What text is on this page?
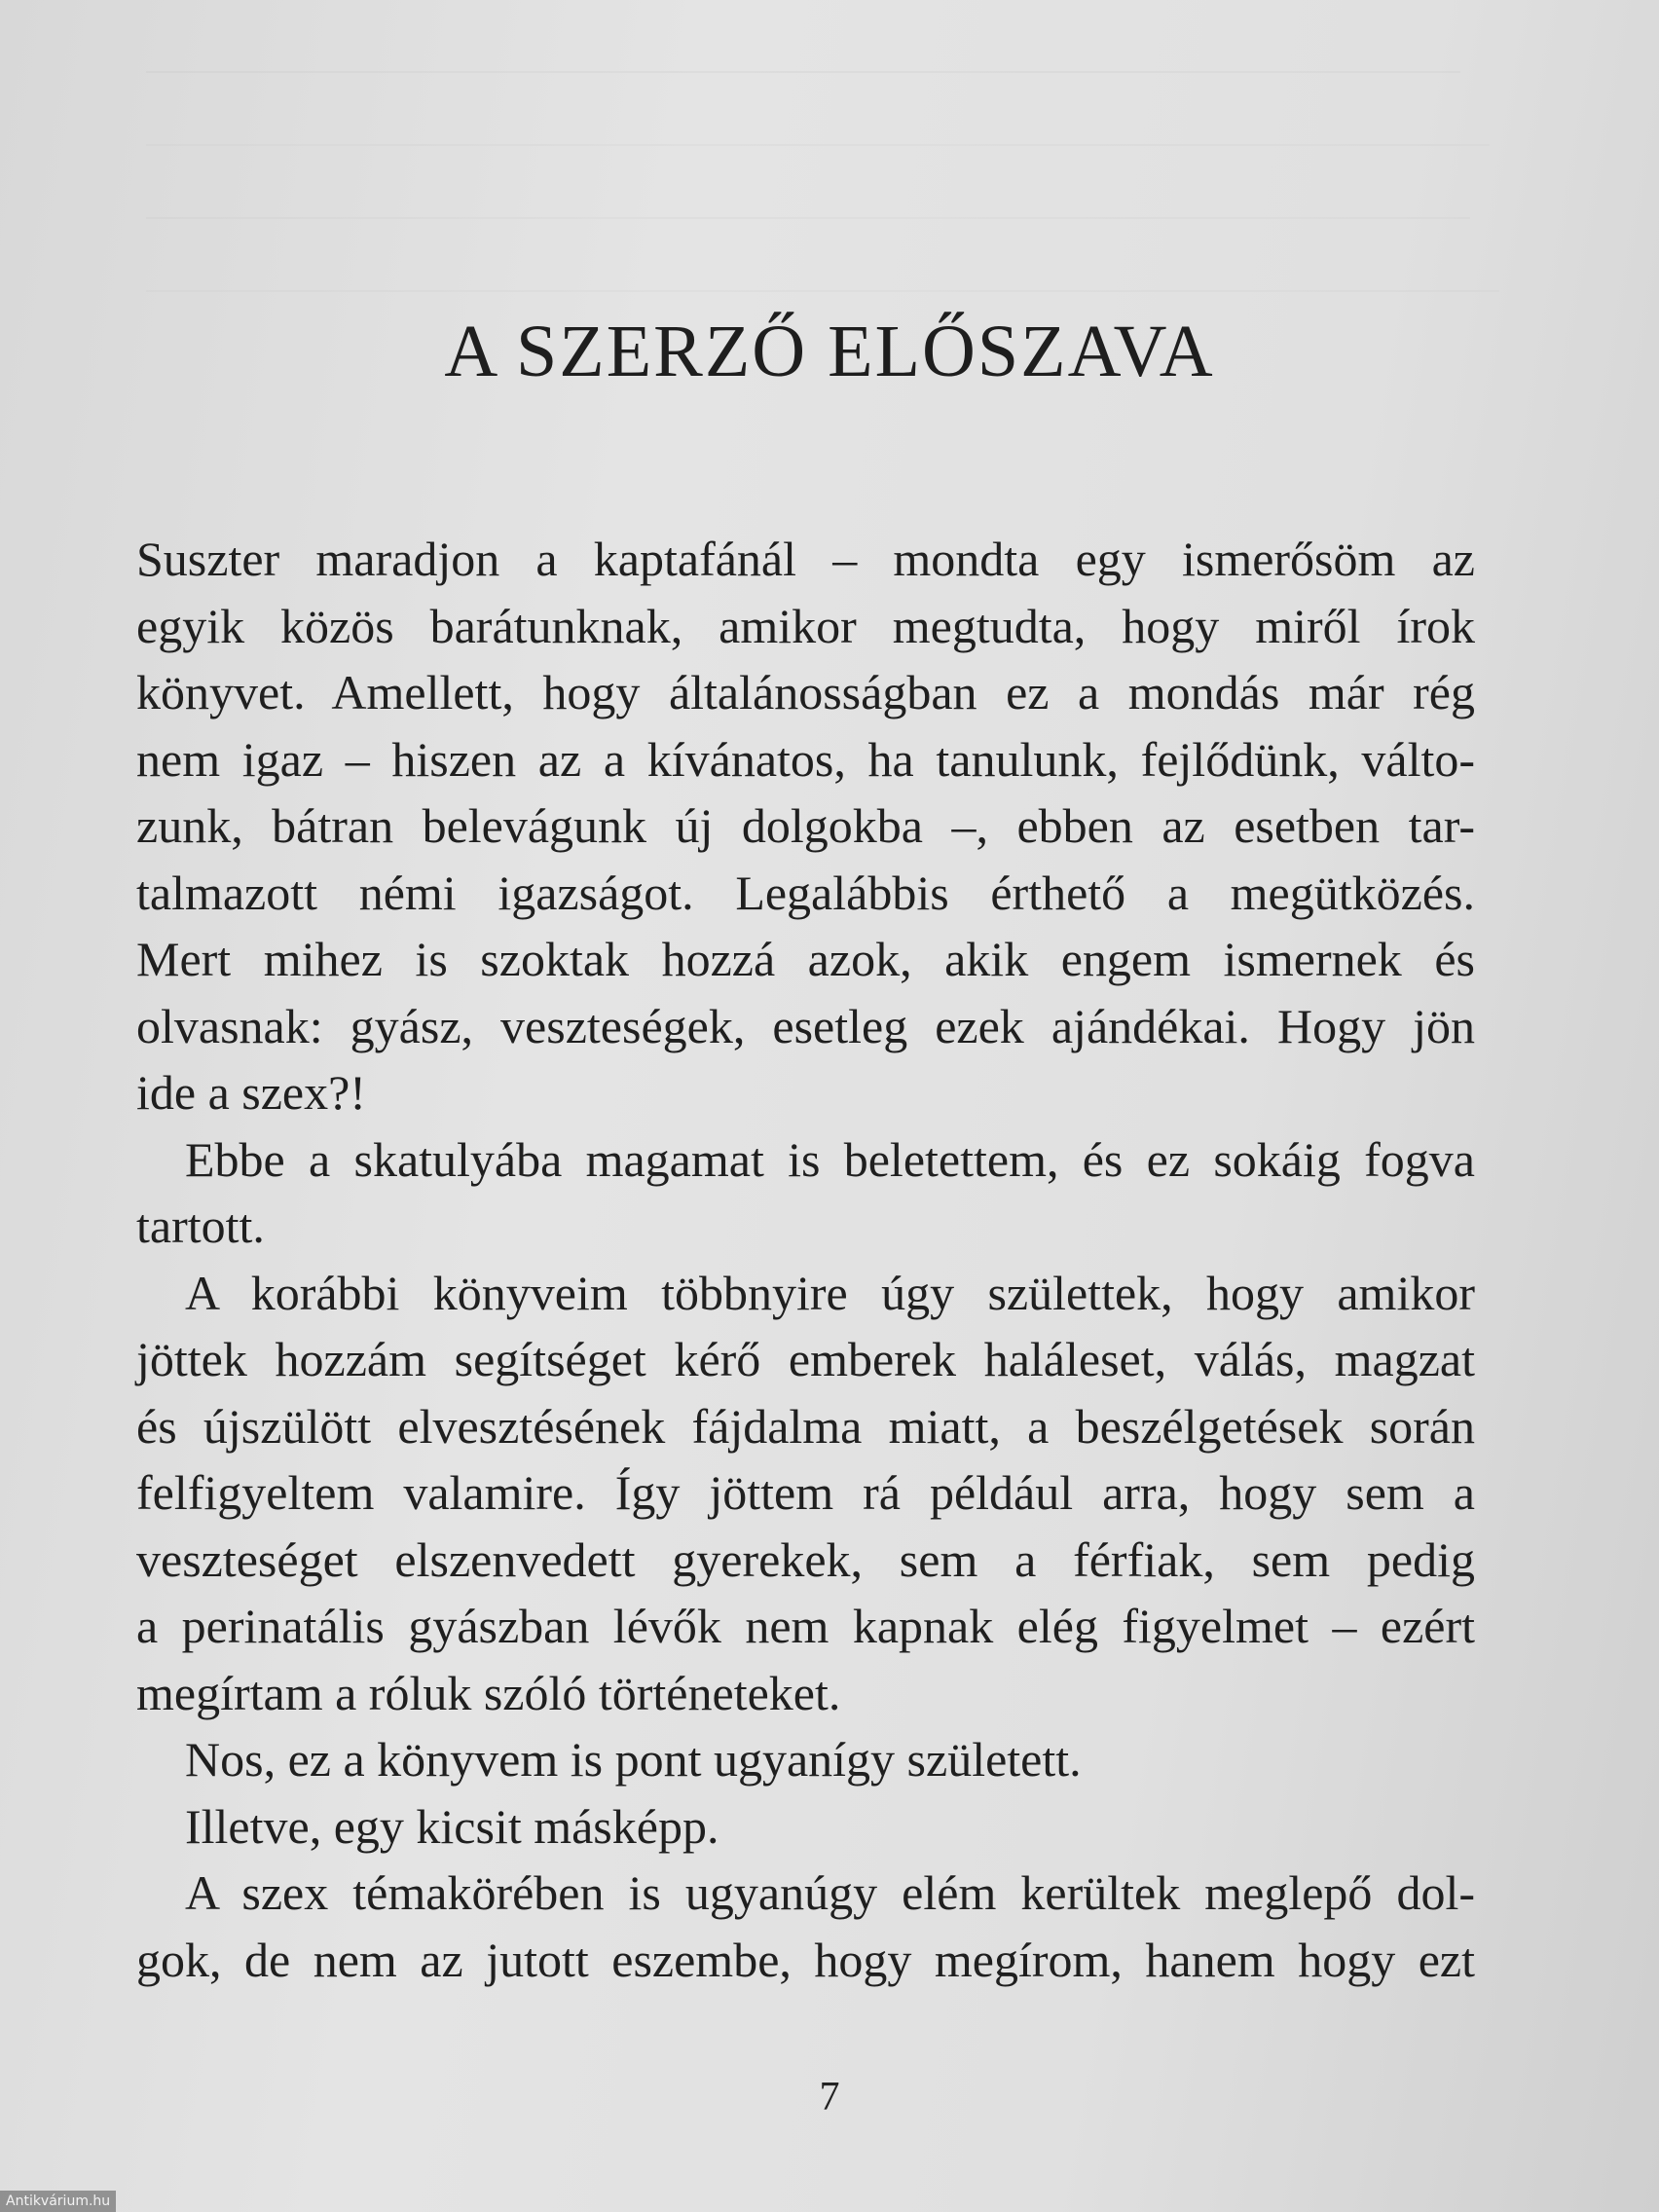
A SZERZŐ ELŐSZAVA
Suszter maradjon a kaptafánál – mondta egy ismerősöm az
egyik közös barátunknak, amikor megtudta, hogy miről írok
könyvet. Amellett, hogy általánosságban ez a mondás már rég
nem igaz – hiszen az a kívánatos, ha tanulunk, fejlődünk, válto-
zunk, bátran belevágunk új dolgokba –, ebben az esetben tar-
talmazott némi igazságot. Legalábbis érthető a megütközés.
Mert mihez is szoktak hozzá azok, akik engem ismernek és
olvasnak: gyász, veszteségek, esetleg ezek ajándékai. Hogy jön
ide a szex?!
Ebbe a skatulyába magamat is beletettem, és ez sokáig fogva
tartott.
A korábbi könyveim többnyire úgy születtek, hogy amikor
jöttek hozzám segítséget kérő emberek haláleset, válás, magzat
és újszülött elvesztésének fájdalma miatt, a beszélgetések során
felfigyeltem valamire. Így jöttem rá például arra, hogy sem a
veszteséget elszenvedett gyerekek, sem a férfiak, sem pedig
a perinatális gyászban lévők nem kapnak elég figyelmet – ezért
megírtam a róluk szóló történeteket.
Nos, ez a könyvem is pont ugyanígy született.
Illetve, egy kicsit másképp.
A szex témakörében is ugyanúgy elém kerültek meglepő dol-
gok, de nem az jutott eszembe, hogy megírom, hanem hogy ezt
7
Antikvárium.hu
